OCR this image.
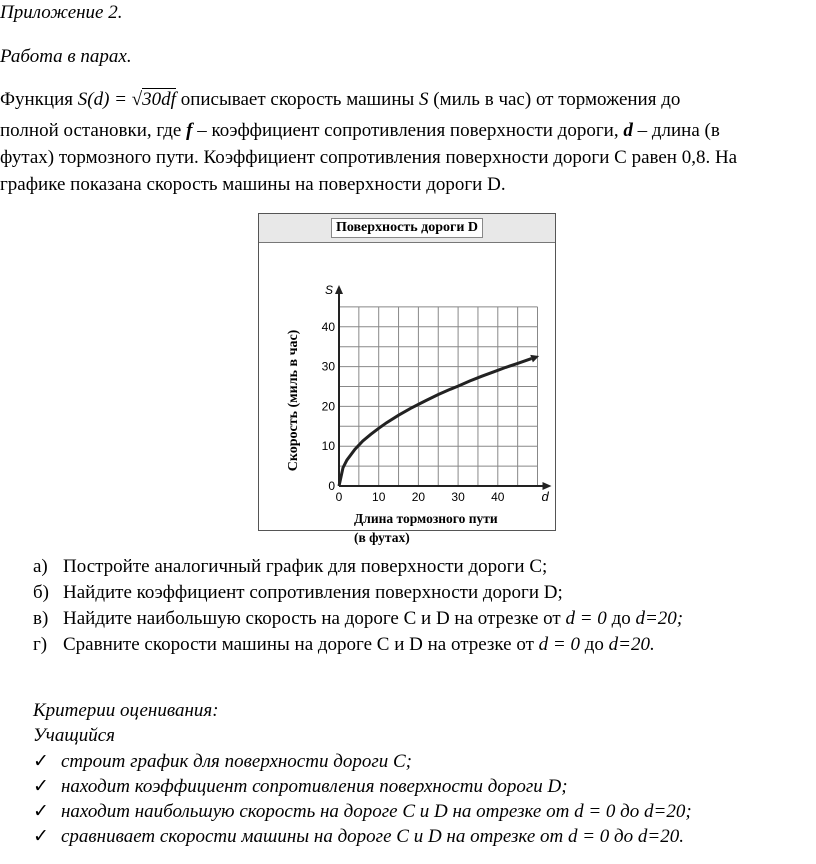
Приложение 2.
Работа в парах.
Функция S(d) = √30df описывает скорость машины S (миль в час) от торможения до
полной остановки, где f – коэффициент сопротивления поверхности дороги, d – длина (в
футах) тормозного пути. Коэффициент сопротивления поверхности дороги C равен 0,8. На
графике показана скорость машины на поверхности дороги D.
Поверхность дороги D
0 10 20 30 40
0
10
20
30
40
Скорость (миль в час)
Длина тормозного пути
(в футах)
S
d
а) Постройте аналогичный график для поверхности дороги C;
б) Найдите коэффициент сопротивления поверхности дороги D;
в) Найдите наибольшую скорость на дороге C и D на отрезке от d = 0 до d=20;
г) Сравните скорости машины на дороге C и D на отрезке от d = 0 до d=20.
Критерии оценивания:
Учащийся
✓ строит график для поверхности дороги С;
✓ находит коэффициент сопротивления поверхности дороги D;
✓ находит наибольшую скорость на дороге C и D на отрезке от d = 0 до d=20;
✓ сравнивает скорости машины на дороге C и D на отрезке от d = 0 до d=20.
